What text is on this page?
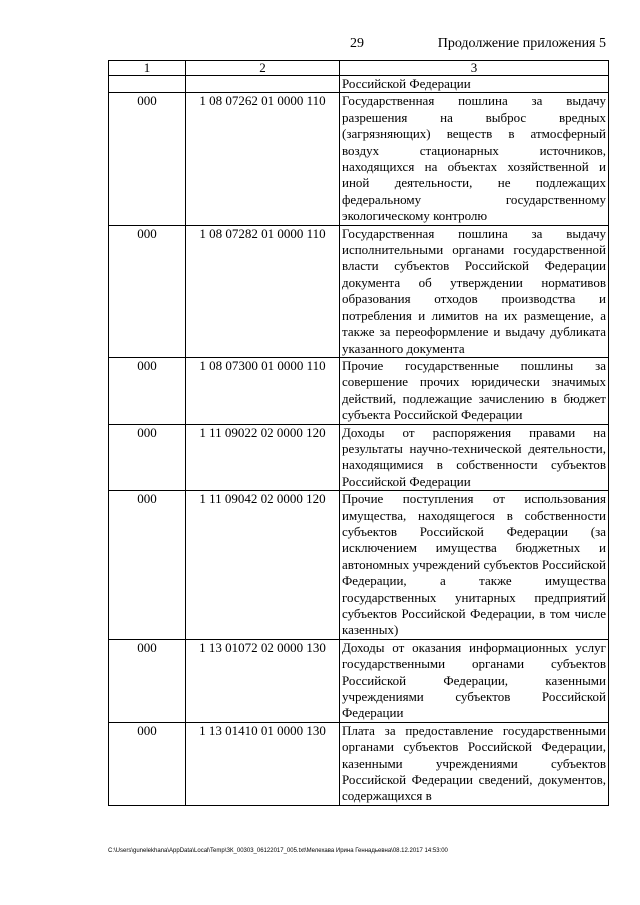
29	Продолжение приложения 5
1	2	3
		Российской Федерации
000	1 08 07262 01 0000 110	Государственная пошлина за выдачу разрешения на выброс вредных (загрязняющих) веществ в атмосферный воздух стационарных источников, находящихся на объектах хозяйственной и иной деятельности, не подлежащих федеральному государственному экологическому контролю
000	1 08 07282 01 0000 110	Государственная пошлина за выдачу исполнительными органами государственной власти субъектов Российской Федерации документа об утверждении нормативов образования отходов производства и потребления и лимитов на их размещение, а также за переоформление и выдачу дубликата указанного документа
000	1 08 07300 01 0000 110	Прочие государственные пошлины за совершение прочих юридически значимых действий, подлежащие зачислению в бюджет субъекта Российской Федерации
000	1 11 09022 02 0000 120	Доходы от распоряжения правами на результаты научно-технической деятельности, находящимися в собственности субъектов Российской Федерации
000	1 11 09042 02 0000 120	Прочие поступления от использования имущества, находящегося в собственности субъектов Российской Федерации (за исключением имущества бюджетных и автономных учреждений субъектов Российской Федерации, а также имущества государственных унитарных предприятий субъектов Российской Федерации, в том числе казенных)
000	1 13 01072 02 0000 130	Доходы от оказания информационных услуг государственными органами субъектов Российской Федерации, казенными учреждениями субъектов Российской Федерации
000	1 13 01410 01 0000 130	Плата за предоставление государственными органами субъектов Российской Федерации, казенными учреждениями субъектов Российской Федерации сведений, документов, содержащихся в
C:\Users\gunelekhana\AppData\Local\Temp\ЗК_00303_06122017_005.txt\Мелехава Ирина Геннадьевна\08.12.2017 14:53:00
